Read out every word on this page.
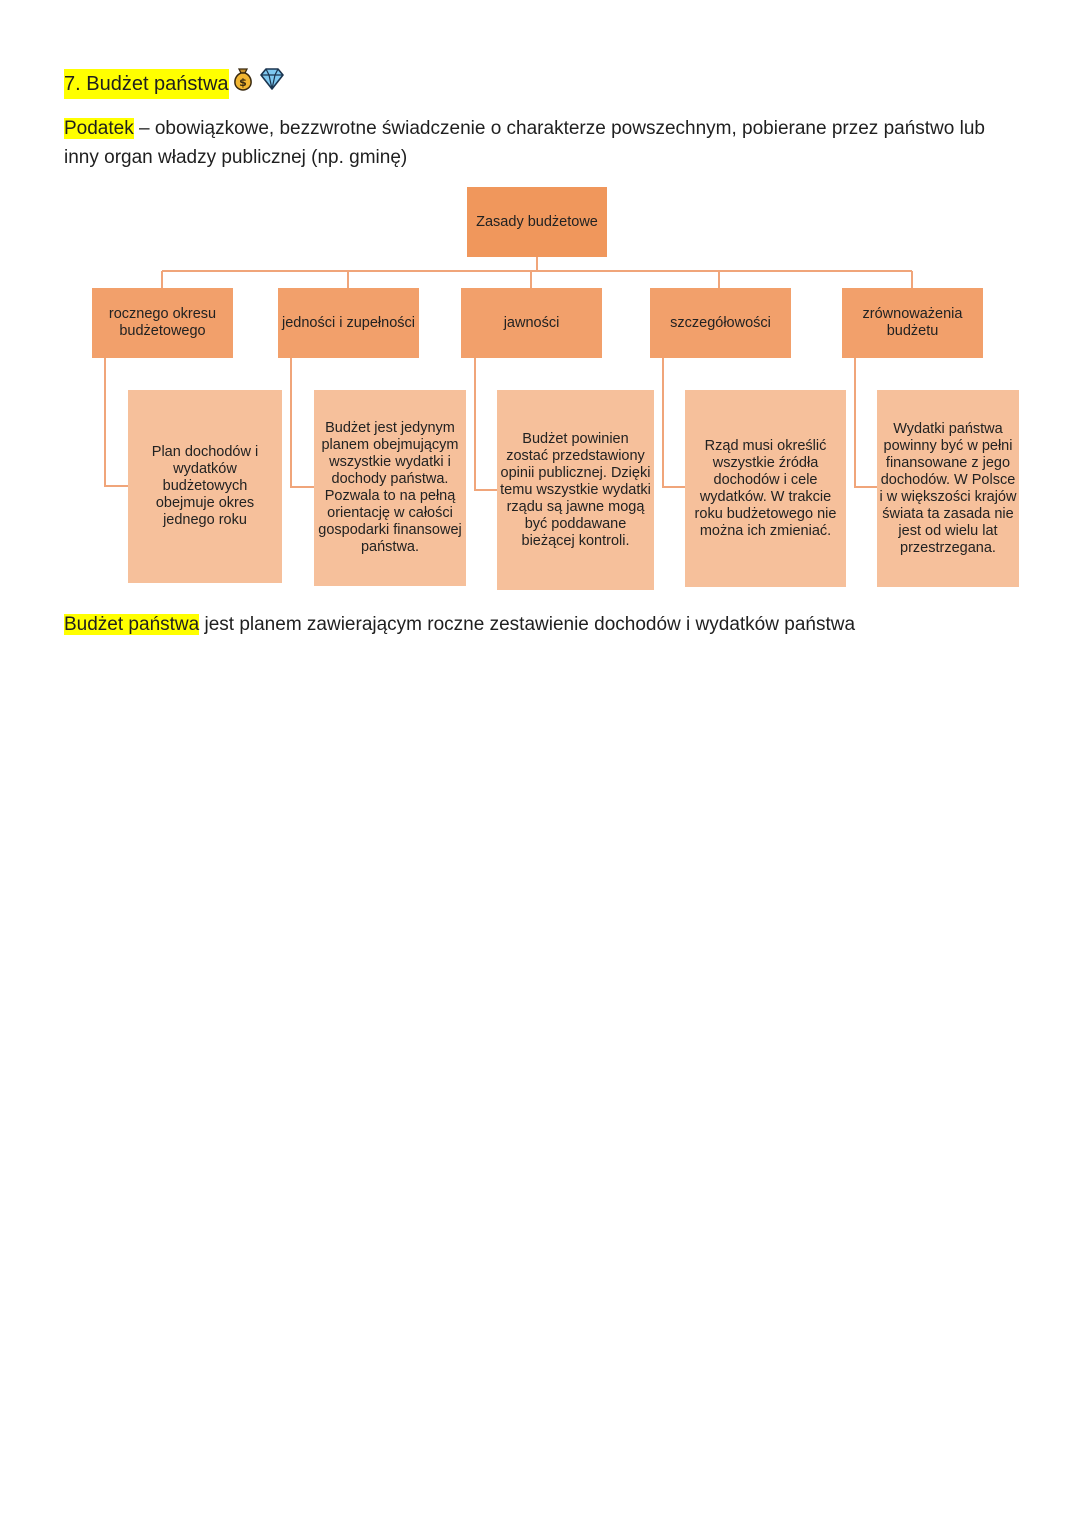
7. Budżet państwa $
Podatek – obowiązkowe, bezzwrotne świadczenie o charakterze powszechnym, pobierane przez państwo lub inny organ władzy publicznej (np. gminę)
Zasady budżetowe
rocznego okresu budżetowego
jedności i zupełności	jawności	szczegółowości
zrównoważenia budżetu
Plan dochodów i wydatków budżetowych obejmuje okres jednego roku
Budżet jest jedynym planem obejmującym wszystkie wydatki i dochody państwa. Pozwala to na pełną orientację w całości gospodarki finansowej państwa.
Budżet powinien zostać przedstawiony opinii publicznej. Dzięki temu wszystkie wydatki rządu są jawne mogą być poddawane bieżącej kontroli.
Rząd musi określić wszystkie źródła dochodów i cele wydatków. W trakcie roku budżetowego nie można ich zmieniać.
Wydatki państwa powinny być w pełni finansowane z jego dochodów. W Polsce i w większości krajów świata ta zasada nie jest od wielu lat przestrzegana.
Budżet państwa jest planem zawierającym roczne zestawienie dochodów i wydatków państwa
